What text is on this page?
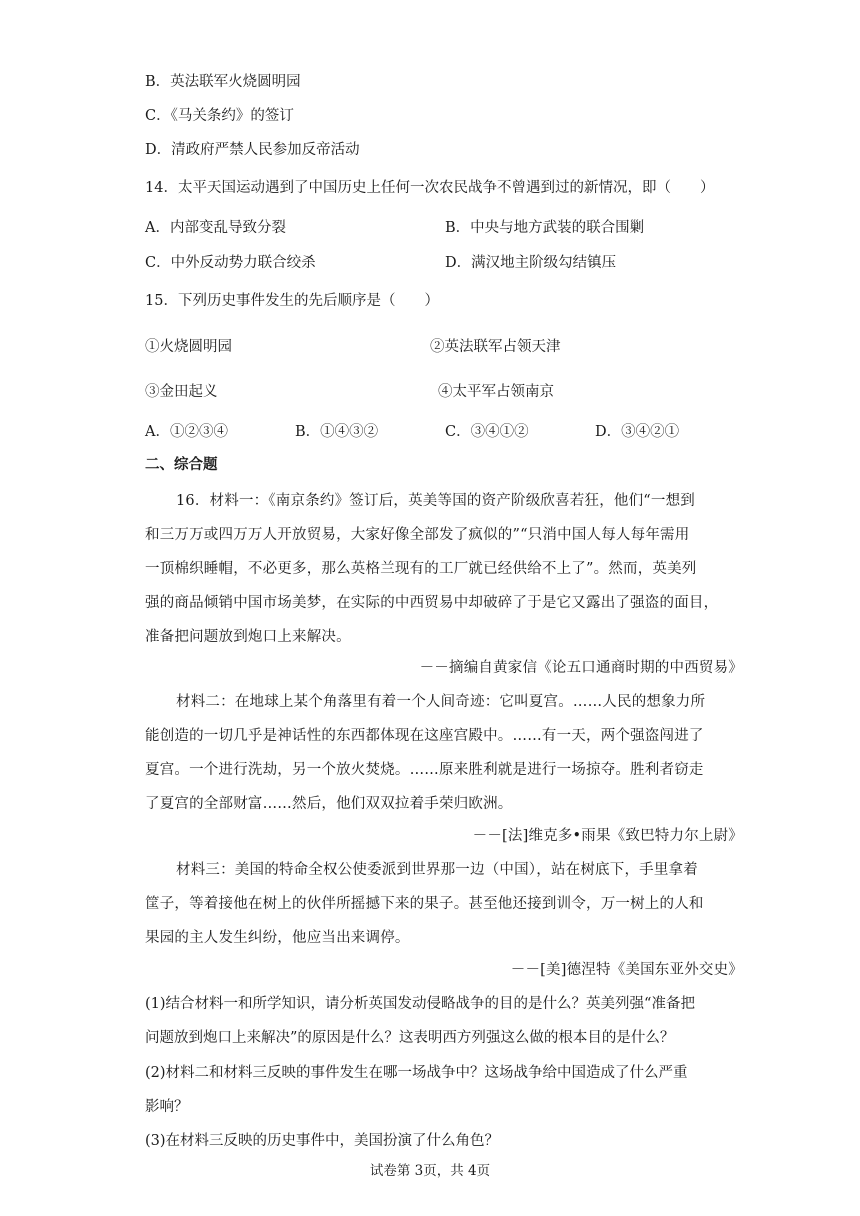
B．英法联军火烧圆明园
C．《马关条约》的签订
D．清政府严禁人民参加反帝活动
14．太平天国运动遇到了中国历史上任何一次农民战争不曾遇到过的新情况，即（　　）
A．内部变乱导致分裂	B．中央与地方武装的联合围剿
C．中外反动势力联合绞杀	D．满汉地主阶级勾结镇压
15．下列历史事件发生的先后顺序是（　　）
①火烧圆明园	②英法联军占领天津
③金田起义	④太平军占领南京
A．①②③④	B．①④③②	C．③④①②	D．③④②①
二、综合题
16．材料一：《南京条约》签订后，英美等国的资产阶级欣喜若狂，他们“一想到
和三万万或四万万人开放贸易，大家好像全部发了疯似的”“只消中国人每人每年需用
一顶棉织睡帽，不必更多，那么英格兰现有的工厂就已经供给不上了”。然而，英美列
强的商品倾销中国市场美梦，在实际的中西贸易中却破碎了于是它又露出了强盗的面目，
准备把问题放到炮口上来解决。
－－摘编自黄家信《论五口通商时期的中西贸易》
材料二：在地球上某个角落里有着一个人间奇迹：它叫夏宫。……人民的想象力所
能创造的一切几乎是神话性的东西都体现在这座宫殿中。……有一天，两个强盗闯进了
夏宫。一个进行洗劫，另一个放火焚烧。……原来胜利就是进行一场掠夺。胜利者窃走
了夏宫的全部财富……然后，他们双双拉着手荣归欧洲。
－－[法]维克多•雨果《致巴特力尔上尉》
材料三：美国的特命全权公使委派到世界那一边（中国），站在树底下，手里拿着
筐子，等着接他在树上的伙伴所摇撼下来的果子。甚至他还接到训令，万一树上的人和
果园的主人发生纠纷，他应当出来调停。
－－[美]德涅特《美国东亚外交史》
(1)结合材料一和所学知识，请分析英国发动侵略战争的目的是什么？英美列强“准备把
问题放到炮口上来解决”的原因是什么？这表明西方列强这么做的根本目的是什么？
(2)材料二和材料三反映的事件发生在哪一场战争中？这场战争给中国造成了什么严重
影响？
(3)在材料三反映的历史事件中，美国扮演了什么角色？
试卷第 3页，共 4页
